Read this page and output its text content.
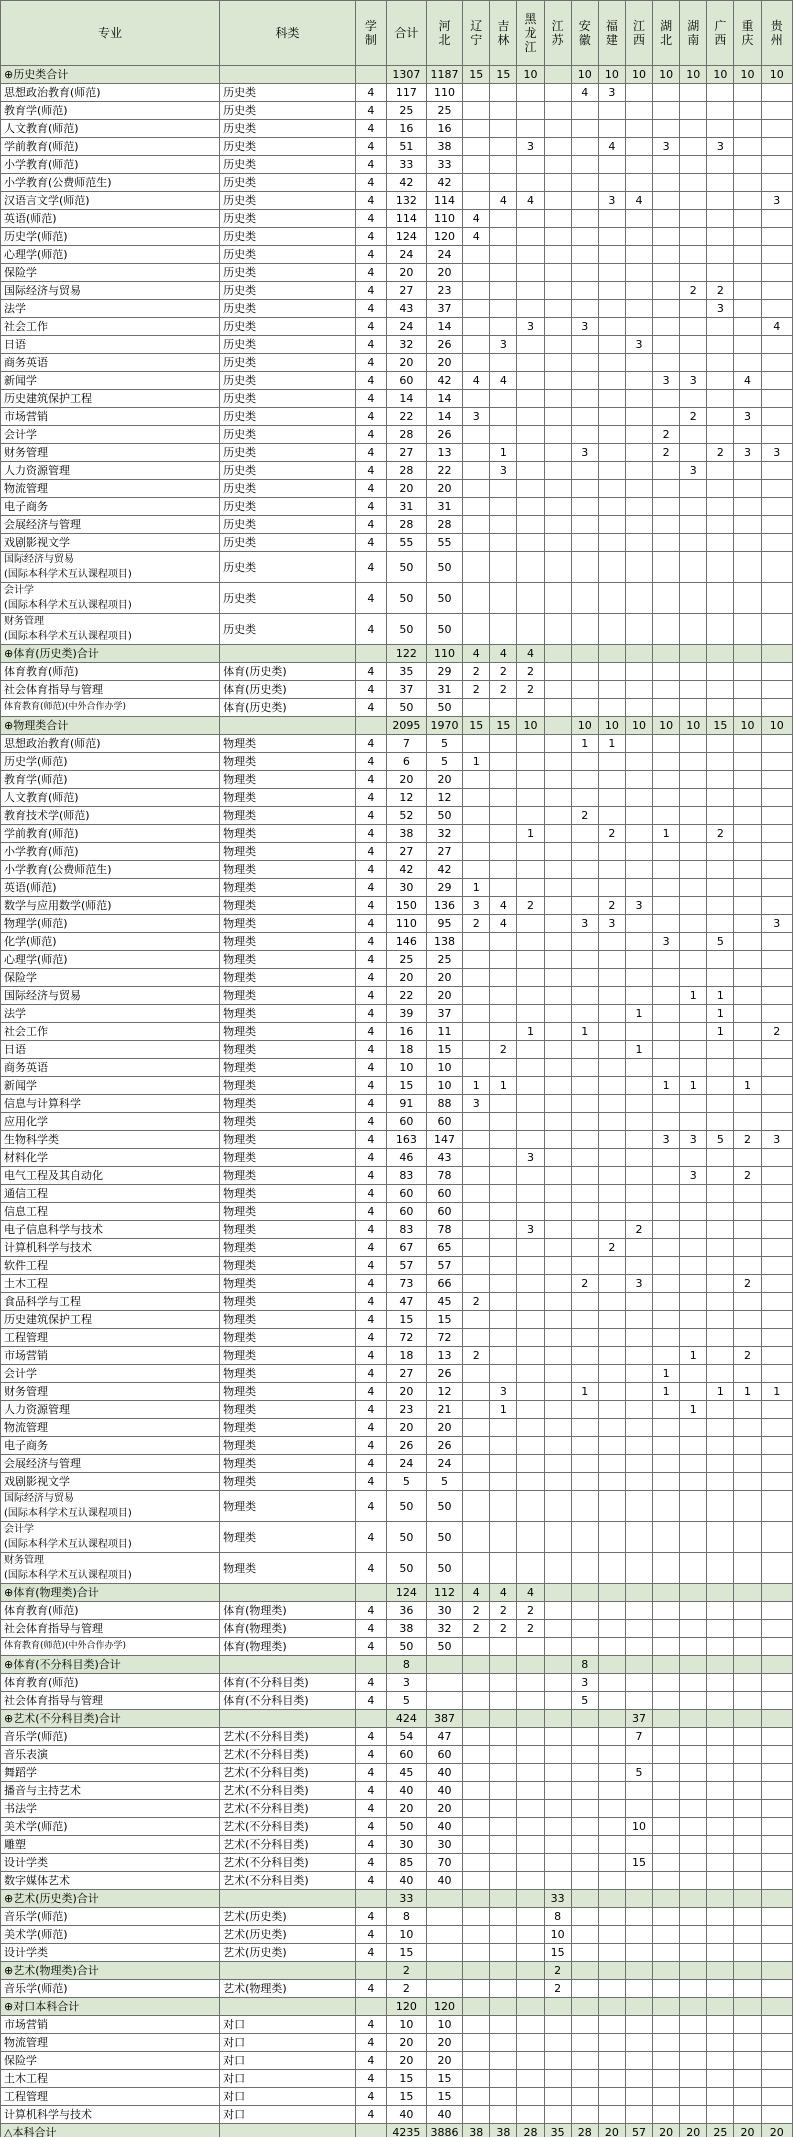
专业	科类	学制	合计	河北	辽宁	吉林	黑龙江	江苏	安徽	福建	江西	湖北	湖南	广西	重庆	贵州
⊕历史类合计			1307	1187	15	15	10		10	10	10	10	10	10	10	10
思想政治教育(师范)	历史类	4	117	110					4	3						
教育学(师范)	历史类	4	25	25												
人文教育(师范)	历史类	4	16	16												
学前教育(师范)	历史类	4	51	38			3			4		3		3		
小学教育(师范)	历史类	4	33	33												
小学教育(公费师范生)	历史类	4	42	42												
汉语言文学(师范)	历史类	4	132	114		4	4			3	4					3
英语(师范)	历史类	4	114	110	4											
历史学(师范)	历史类	4	124	120	4											
心理学(师范)	历史类	4	24	24												
保险学	历史类	4	20	20												
国际经济与贸易	历史类	4	27	23									2	2		
法学	历史类	4	43	37										3		
社会工作	历史类	4	24	14			3		3							4
日语	历史类	4	32	26		3					3					
商务英语	历史类	4	20	20												
新闻学	历史类	4	60	42	4	4						3	3		4	
历史建筑保护工程	历史类	4	14	14												
市场营销	历史类	4	22	14	3								2		3	
会计学	历史类	4	28	26								2				
财务管理	历史类	4	27	13		1			3			2		2	3	3
人力资源管理	历史类	4	28	22		3							3			
物流管理	历史类	4	20	20												
电子商务	历史类	4	31	31												
会展经济与管理	历史类	4	28	28												
戏剧影视文学	历史类	4	55	55												
国际经济与贸易
(国际本科学术互认课程项目)	历史类	4	50	50												
会计学
(国际本科学术互认课程项目)	历史类	4	50	50												
财务管理
(国际本科学术互认课程项目)	历史类	4	50	50												
⊕体育(历史类)合计			122	110	4	4	4									
体育教育(师范)	体育(历史类)	4	35	29	2	2	2									
社会体育指导与管理	体育(历史类)	4	37	31	2	2	2									
体育教育(师范)(中外合作办学)	体育(历史类)	4	50	50												
⊕物理类合计			2095	1970	15	15	10		10	10	10	10	10	15	10	10
思想政治教育(师范)	物理类	4	7	5					1	1						
历史学(师范)	物理类	4	6	5	1											
教育学(师范)	物理类	4	20	20												
人文教育(师范)	物理类	4	12	12												
教育技术学(师范)	物理类	4	52	50					2							
学前教育(师范)	物理类	4	38	32			1			2		1		2		
小学教育(师范)	物理类	4	27	27												
小学教育(公费师范生)	物理类	4	42	42												
英语(师范)	物理类	4	30	29	1											
数学与应用数学(师范)	物理类	4	150	136	3	4	2			2	3					
物理学(师范)	物理类	4	110	95	2	4			3	3						3
化学(师范)	物理类	4	146	138								3		5		
心理学(师范)	物理类	4	25	25												
保险学	物理类	4	20	20												
国际经济与贸易	物理类	4	22	20									1	1		
法学	物理类	4	39	37							1			1		
社会工作	物理类	4	16	11			1		1					1		2
日语	物理类	4	18	15		2					1					
商务英语	物理类	4	10	10												
新闻学	物理类	4	15	10	1	1						1	1		1	
信息与计算科学	物理类	4	91	88	3											
应用化学	物理类	4	60	60												
生物科学类	物理类	4	163	147								3	3	5	2	3
材料化学	物理类	4	46	43			3									
电气工程及其自动化	物理类	4	83	78									3		2	
通信工程	物理类	4	60	60												
信息工程	物理类	4	60	60												
电子信息科学与技术	物理类	4	83	78			3				2					
计算机科学与技术	物理类	4	67	65						2						
软件工程	物理类	4	57	57												
土木工程	物理类	4	73	66					2		3				2	
食品科学与工程	物理类	4	47	45	2											
历史建筑保护工程	物理类	4	15	15												
工程管理	物理类	4	72	72												
市场营销	物理类	4	18	13	2								1		2	
会计学	物理类	4	27	26								1				
财务管理	物理类	4	20	12		3			1			1		1	1	1
人力资源管理	物理类	4	23	21		1							1			
物流管理	物理类	4	20	20												
电子商务	物理类	4	26	26												
会展经济与管理	物理类	4	24	24												
戏剧影视文学	物理类	4	5	5												
国际经济与贸易
(国际本科学术互认课程项目)	物理类	4	50	50												
会计学
(国际本科学术互认课程项目)	物理类	4	50	50												
财务管理
(国际本科学术互认课程项目)	物理类	4	50	50												
⊕体育(物理类)合计			124	112	4	4	4									
体育教育(师范)	体育(物理类)	4	36	30	2	2	2									
社会体育指导与管理	体育(物理类)	4	38	32	2	2	2									
体育教育(师范)(中外合作办学)	体育(物理类)	4	50	50												
⊕体育(不分科目类)合计			8						8							
体育教育(师范)	体育(不分科目类)	4	3						3							
社会体育指导与管理	体育(不分科目类)	4	5						5							
⊕艺术(不分科目类)合计			424	387							37					
音乐学(师范)	艺术(不分科目类)	4	54	47							7					
音乐表演	艺术(不分科目类)	4	60	60												
舞蹈学	艺术(不分科目类)	4	45	40							5					
播音与主持艺术	艺术(不分科目类)	4	40	40												
书法学	艺术(不分科目类)	4	20	20												
美术学(师范)	艺术(不分科目类)	4	50	40							10					
雕塑	艺术(不分科目类)	4	30	30												
设计学类	艺术(不分科目类)	4	85	70							15					
数字媒体艺术	艺术(不分科目类)	4	40	40												
⊕艺术(历史类)合计			33					33								
音乐学(师范)	艺术(历史类)	4	8					8								
美术学(师范)	艺术(历史类)	4	10					10								
设计学类	艺术(历史类)	4	15					15								
⊕艺术(物理类)合计			2					2								
音乐学(师范)	艺术(物理类)	4	2					2								
⊕对口本科合计			120	120												
市场营销	对口	4	10	10												
物流管理	对口	4	20	20												
保险学	对口	4	20	20												
土木工程	对口	4	15	15												
工程管理	对口	4	15	15												
计算机科学与技术	对口	4	40	40												
△本科合计			4235	3886	38	38	28	35	28	20	57	20	20	25	20	20
